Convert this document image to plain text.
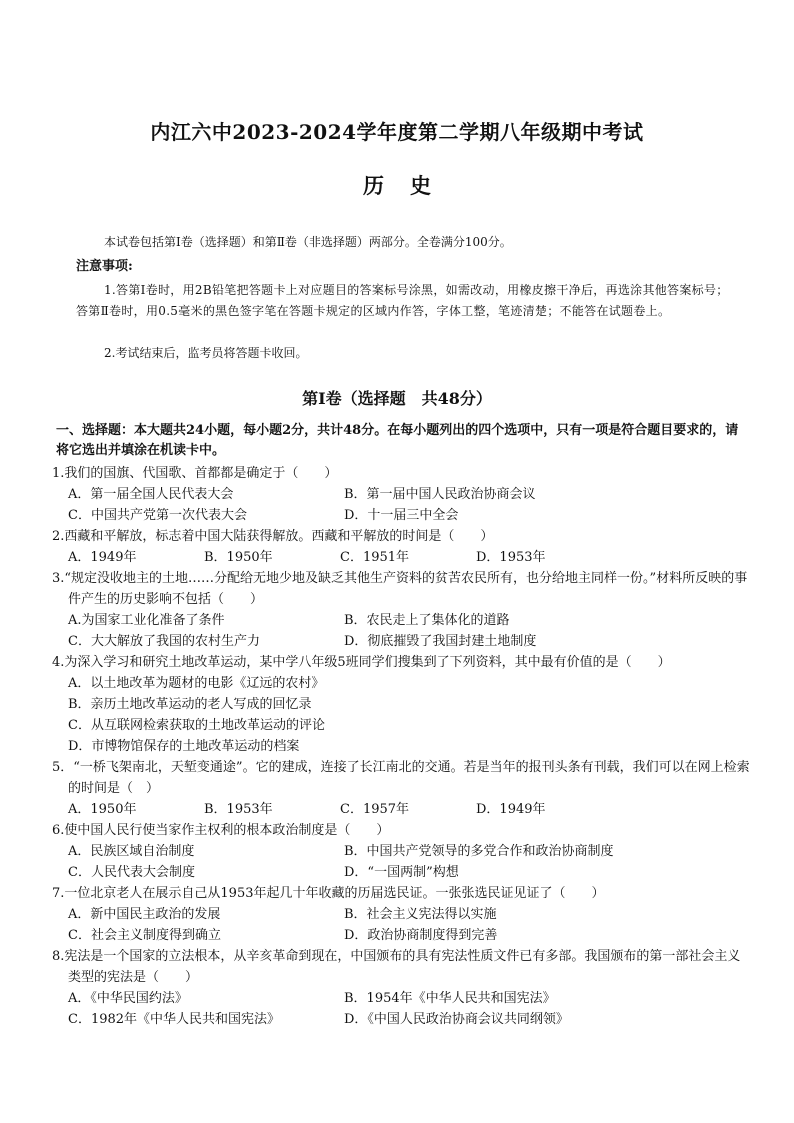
内江六中2023-2024学年度第二学期八年级期中考试
历史
本试卷包括第Ⅰ卷（选择题）和第Ⅱ卷（非选择题）两部分。全卷满分100分。
注意事项:
1.答第Ⅰ卷时，用2B铅笔把答题卡上对应题目的答案标号涂黑，如需改动，用橡皮擦干净后，再选涂其他答案标号；答第Ⅱ卷时，用0.5毫米的黑色签字笔在答题卡规定的区域内作答，字体工整，笔迹清楚；不能答在试题卷上。
2.考试结束后，监考员将答题卡收回。
第Ⅰ卷（选择题　共48分）
一、选择题：本大题共24小题，每小题2分，共计48分。在每小题列出的四个选项中，只有一项是符合题目要求的，请将它选出并填涂在机读卡中。
1.我们的国旗、代国歌、首都都是确定于（　　）
A．第一届全国人民代表大会	B．第一届中国人民政治协商会议
C．中国共产党第一次代表大会	D．十一届三中全会
2.西藏和平解放，标志着中国大陆获得解放。西藏和平解放的时间是（　　）
A．1949年	B．1950年	C．1951年	D．1953年
3.“规定没收地主的土地……分配给无地少地及缺乏其他生产资料的贫苦农民所有，也分给地主同样一份。”材料所反映的事件产生的历史影响不包括（　　）
A.为国家工业化准备了条件	B．农民走上了集体化的道路
C．大大解放了我国的农村生产力	D．彻底摧毁了我国封建土地制度
4.为深入学习和研究土地改革运动，某中学八年级5班同学们搜集到了下列资料，其中最有价值的是（　　）
A．以土地改革为题材的电影《辽远的农村》
B．亲历土地改革运动的老人写成的回忆录
C．从互联网检索获取的土地改革运动的评论
D．市博物馆保存的土地改革运动的档案
5．“一桥飞架南北，天堑变通途”。它的建成，连接了长江南北的交通。若是当年的报刊头条有刊载，我们可以在网上检索的时间是（　）
A．1950年	B．1953年	C．1957年	D．1949年
6.使中国人民行使当家作主权利的根本政治制度是（　　）
A．民族区域自治制度	B．中国共产党领导的多党合作和政治协商制度
C．人民代表大会制度	D．“一国两制”构想
7.一位北京老人在展示自己从1953年起几十年收藏的历届选民证。一张张选民证见证了（　　）
A．新中国民主政治的发展	B．社会主义宪法得以实施
C．社会主义制度得到确立	D．政治协商制度得到完善
8.宪法是一个国家的立法根本，从辛亥革命到现在，中国颁布的具有宪法性质文件已有多部。我国颁布的第一部社会主义类型的宪法是（　　）
A．《中华民国约法》	B．1954年《中华人民共和国宪法》
C．1982年《中华人民共和国宪法》	D．《中国人民政治协商会议共同纲领》
